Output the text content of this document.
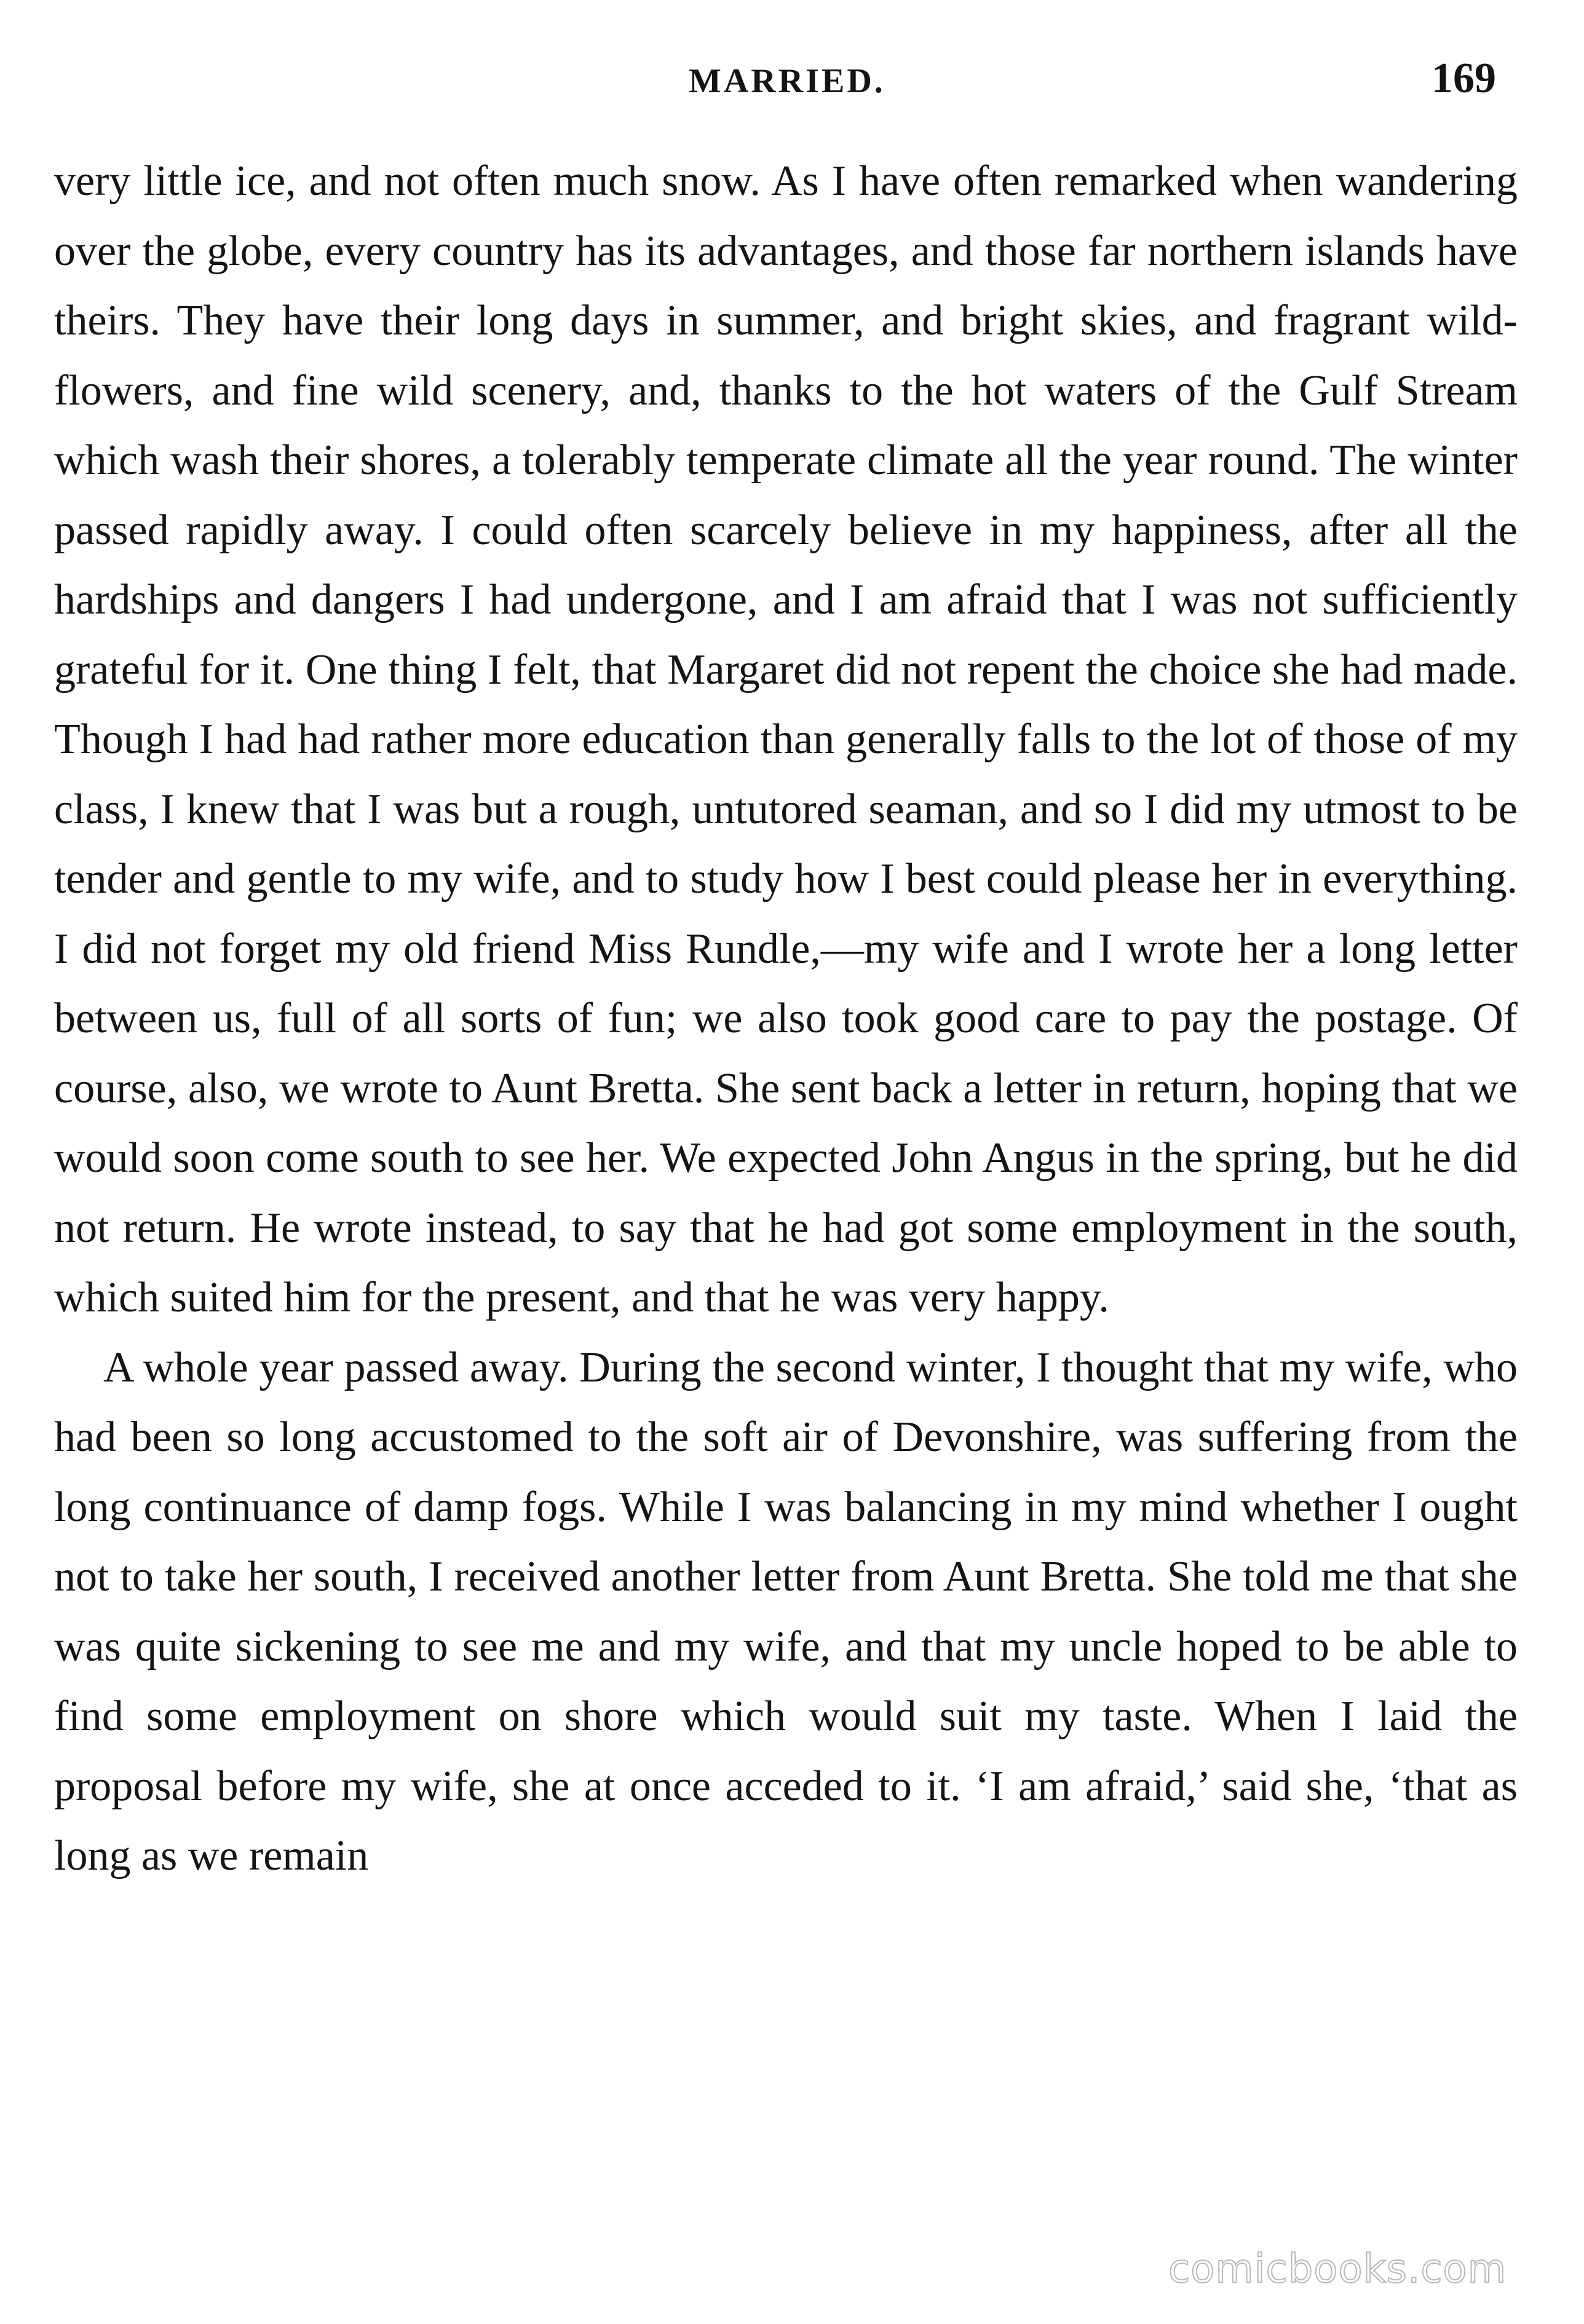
MARRIED.	169

very little ice, and not often much snow. As I have often remarked when wandering over the globe, every country has its advantages, and those far northern islands have theirs. They have their long days in summer, and bright skies, and fragrant wild-flowers, and fine wild scenery, and, thanks to the hot waters of the Gulf Stream which wash their shores, a tolerably temperate climate all the year round. The winter passed rapidly away. I could often scarcely believe in my happiness, after all the hardships and dangers I had undergone, and I am afraid that I was not sufficiently grateful for it. One thing I felt, that Margaret did not repent the choice she had made. Though I had had rather more education than generally falls to the lot of those of my class, I knew that I was but a rough, untutored seaman, and so I did my utmost to be tender and gentle to my wife, and to study how I best could please her in everything. I did not forget my old friend Miss Rundle,—my wife and I wrote her a long letter between us, full of all sorts of fun; we also took good care to pay the postage. Of course, also, we wrote to Aunt Bretta. She sent back a letter in return, hoping that we would soon come south to see her. We expected John Angus in the spring, but he did not return. He wrote instead, to say that he had got some employment in the south, which suited him for the present, and that he was very happy.

A whole year passed away. During the second winter, I thought that my wife, who had been so long accustomed to the soft air of Devonshire, was suffering from the long continuance of damp fogs. While I was balancing in my mind whether I ought not to take her south, I received another letter from Aunt Bretta. She told me that she was quite sickening to see me and my wife, and that my uncle hoped to be able to find some employment on shore which would suit my taste. When I laid the proposal before my wife, she at once acceded to it. ‘I am afraid,’ said she, ‘that as long as we remain

comicbooks.com
